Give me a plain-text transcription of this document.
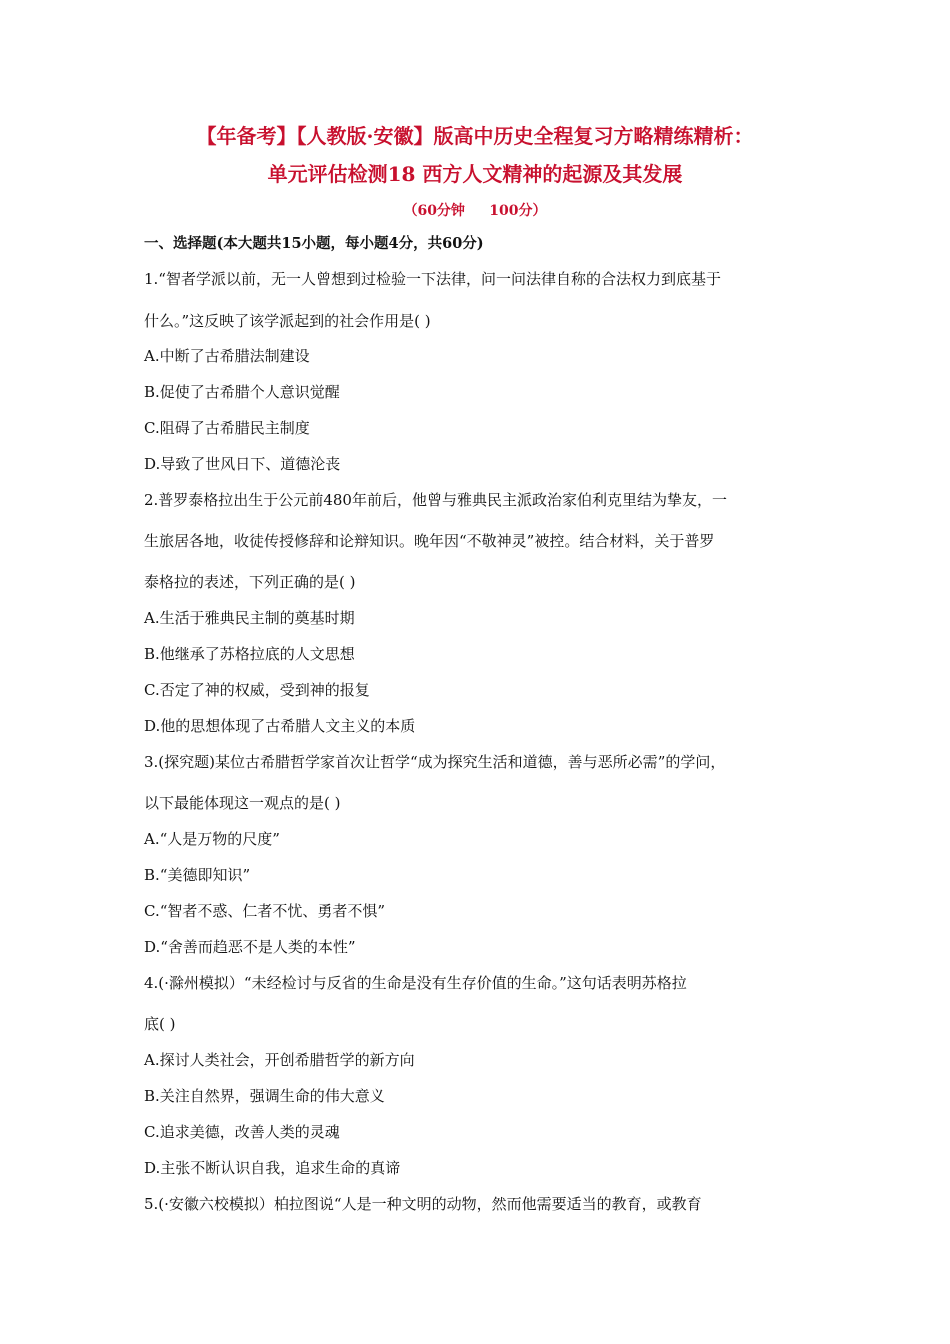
【年备考】【人教版·安徽】版高中历史全程复习方略精练精析：
单元评估检测18 西方人文精神的起源及其发展
（60分钟     100分）
一、选择题(本大题共15小题，每小题4分，共60分)
1.“智者学派以前，无一人曾想到过检验一下法律，问一问法律自称的合法权力到底基于
什么。”这反映了该学派起到的社会作用是( )
A.中断了古希腊法制建设
B.促使了古希腊个人意识觉醒
C.阻碍了古希腊民主制度
D.导致了世风日下、道德沦丧
2.普罗泰格拉出生于公元前480年前后，他曾与雅典民主派政治家伯利克里结为挚友，一
生旅居各地，收徒传授修辞和论辩知识。晚年因“不敬神灵”被控。结合材料，关于普罗
泰格拉的表述，下列正确的是( )
A.生活于雅典民主制的奠基时期
B.他继承了苏格拉底的人文思想
C.否定了神的权威，受到神的报复
D.他的思想体现了古希腊人文主义的本质
3.(探究题)某位古希腊哲学家首次让哲学“成为探究生活和道德，善与恶所必需”的学问，
以下最能体现这一观点的是( )
A.“人是万物的尺度”
B.“美德即知识”
C.“智者不惑、仁者不忧、勇者不惧”
D.“舍善而趋恶不是人类的本性”
4.(·滁州模拟）“未经检讨与反省的生命是没有生存价值的生命。”这句话表明苏格拉
底( )
A.探讨人类社会，开创希腊哲学的新方向
B.关注自然界，强调生命的伟大意义
C.追求美德，改善人类的灵魂
D.主张不断认识自我，追求生命的真谛
5.(·安徽六校模拟）柏拉图说“人是一种文明的动物，然而他需要适当的教育，或教育
